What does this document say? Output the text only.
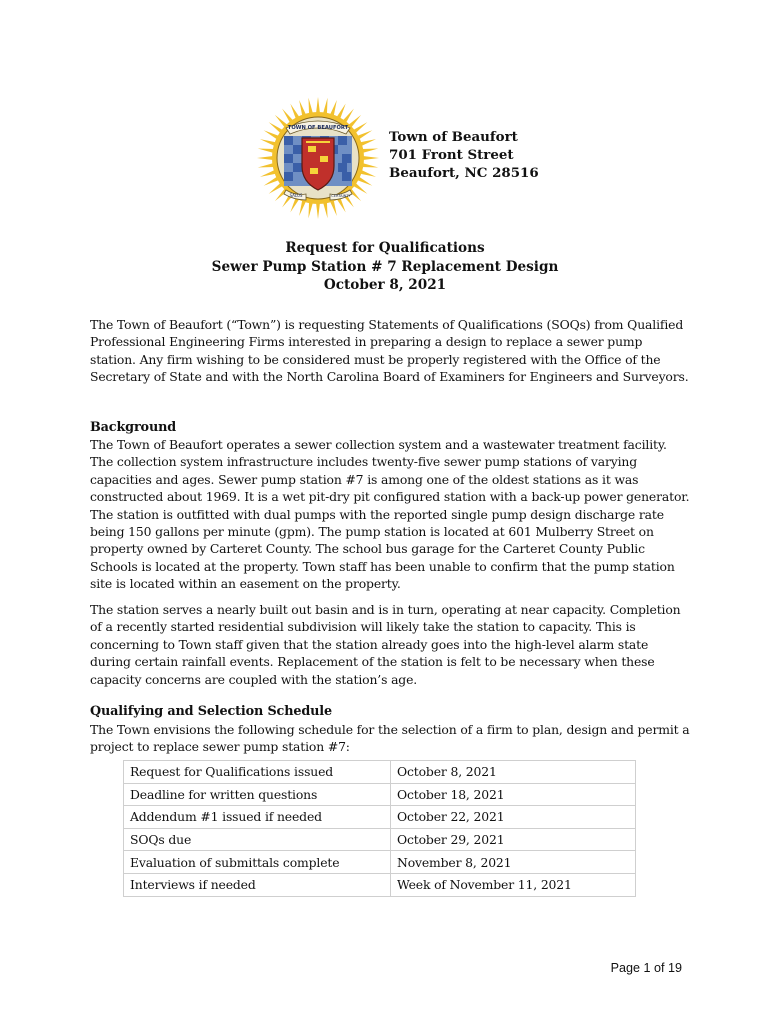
TOWN OF BEAUFORT
SALUS	CERTAINTY
Town of Beaufort
701 Front Street
Beaufort, NC 28516
Request for Qualifications
Sewer Pump Station # 7 Replacement Design
October 8, 2021
The Town of Beaufort (“Town”) is requesting Statements of Qualifications (SOQs) from Qualified Professional Engineering Firms interested in preparing a design to replace a sewer pump station. Any firm wishing to be considered must be properly registered with the Office of the Secretary of State and with the North Carolina Board of Examiners for Engineers and Surveyors.
Background
The Town of Beaufort operates a sewer collection system and a wastewater treatment facility. The collection system infrastructure includes twenty-five sewer pump stations of varying capacities and ages. Sewer pump station #7 is among one of the oldest stations as it was constructed about 1969. It is a wet pit-dry pit configured station with a back-up power generator. The station is outfitted with dual pumps with the reported single pump design discharge rate being 150 gallons per minute (gpm). The pump station is located at 601 Mulberry Street on property owned by Carteret County. The school bus garage for the Carteret County Public Schools is located at the property. Town staff has been unable to confirm that the pump station site is located within an easement on the property.
The station serves a nearly built out basin and is in turn, operating at near capacity. Completion of a recently started residential subdivision will likely take the station to capacity. This is concerning to Town staff given that the station already goes into the high-level alarm state during certain rainfall events. Replacement of the station is felt to be necessary when these capacity concerns are coupled with the station’s age.
Qualifying and Selection Schedule
The Town envisions the following schedule for the selection of a firm to plan, design and permit a project to replace sewer pump station #7:
Request for Qualifications issued	October 8, 2021
Deadline for written questions	October 18, 2021
Addendum #1 issued if needed	October 22, 2021
SOQs due	October 29, 2021
Evaluation of submittals complete	November 8, 2021
Interviews if needed	Week of November 11, 2021
Page 1 of 19
